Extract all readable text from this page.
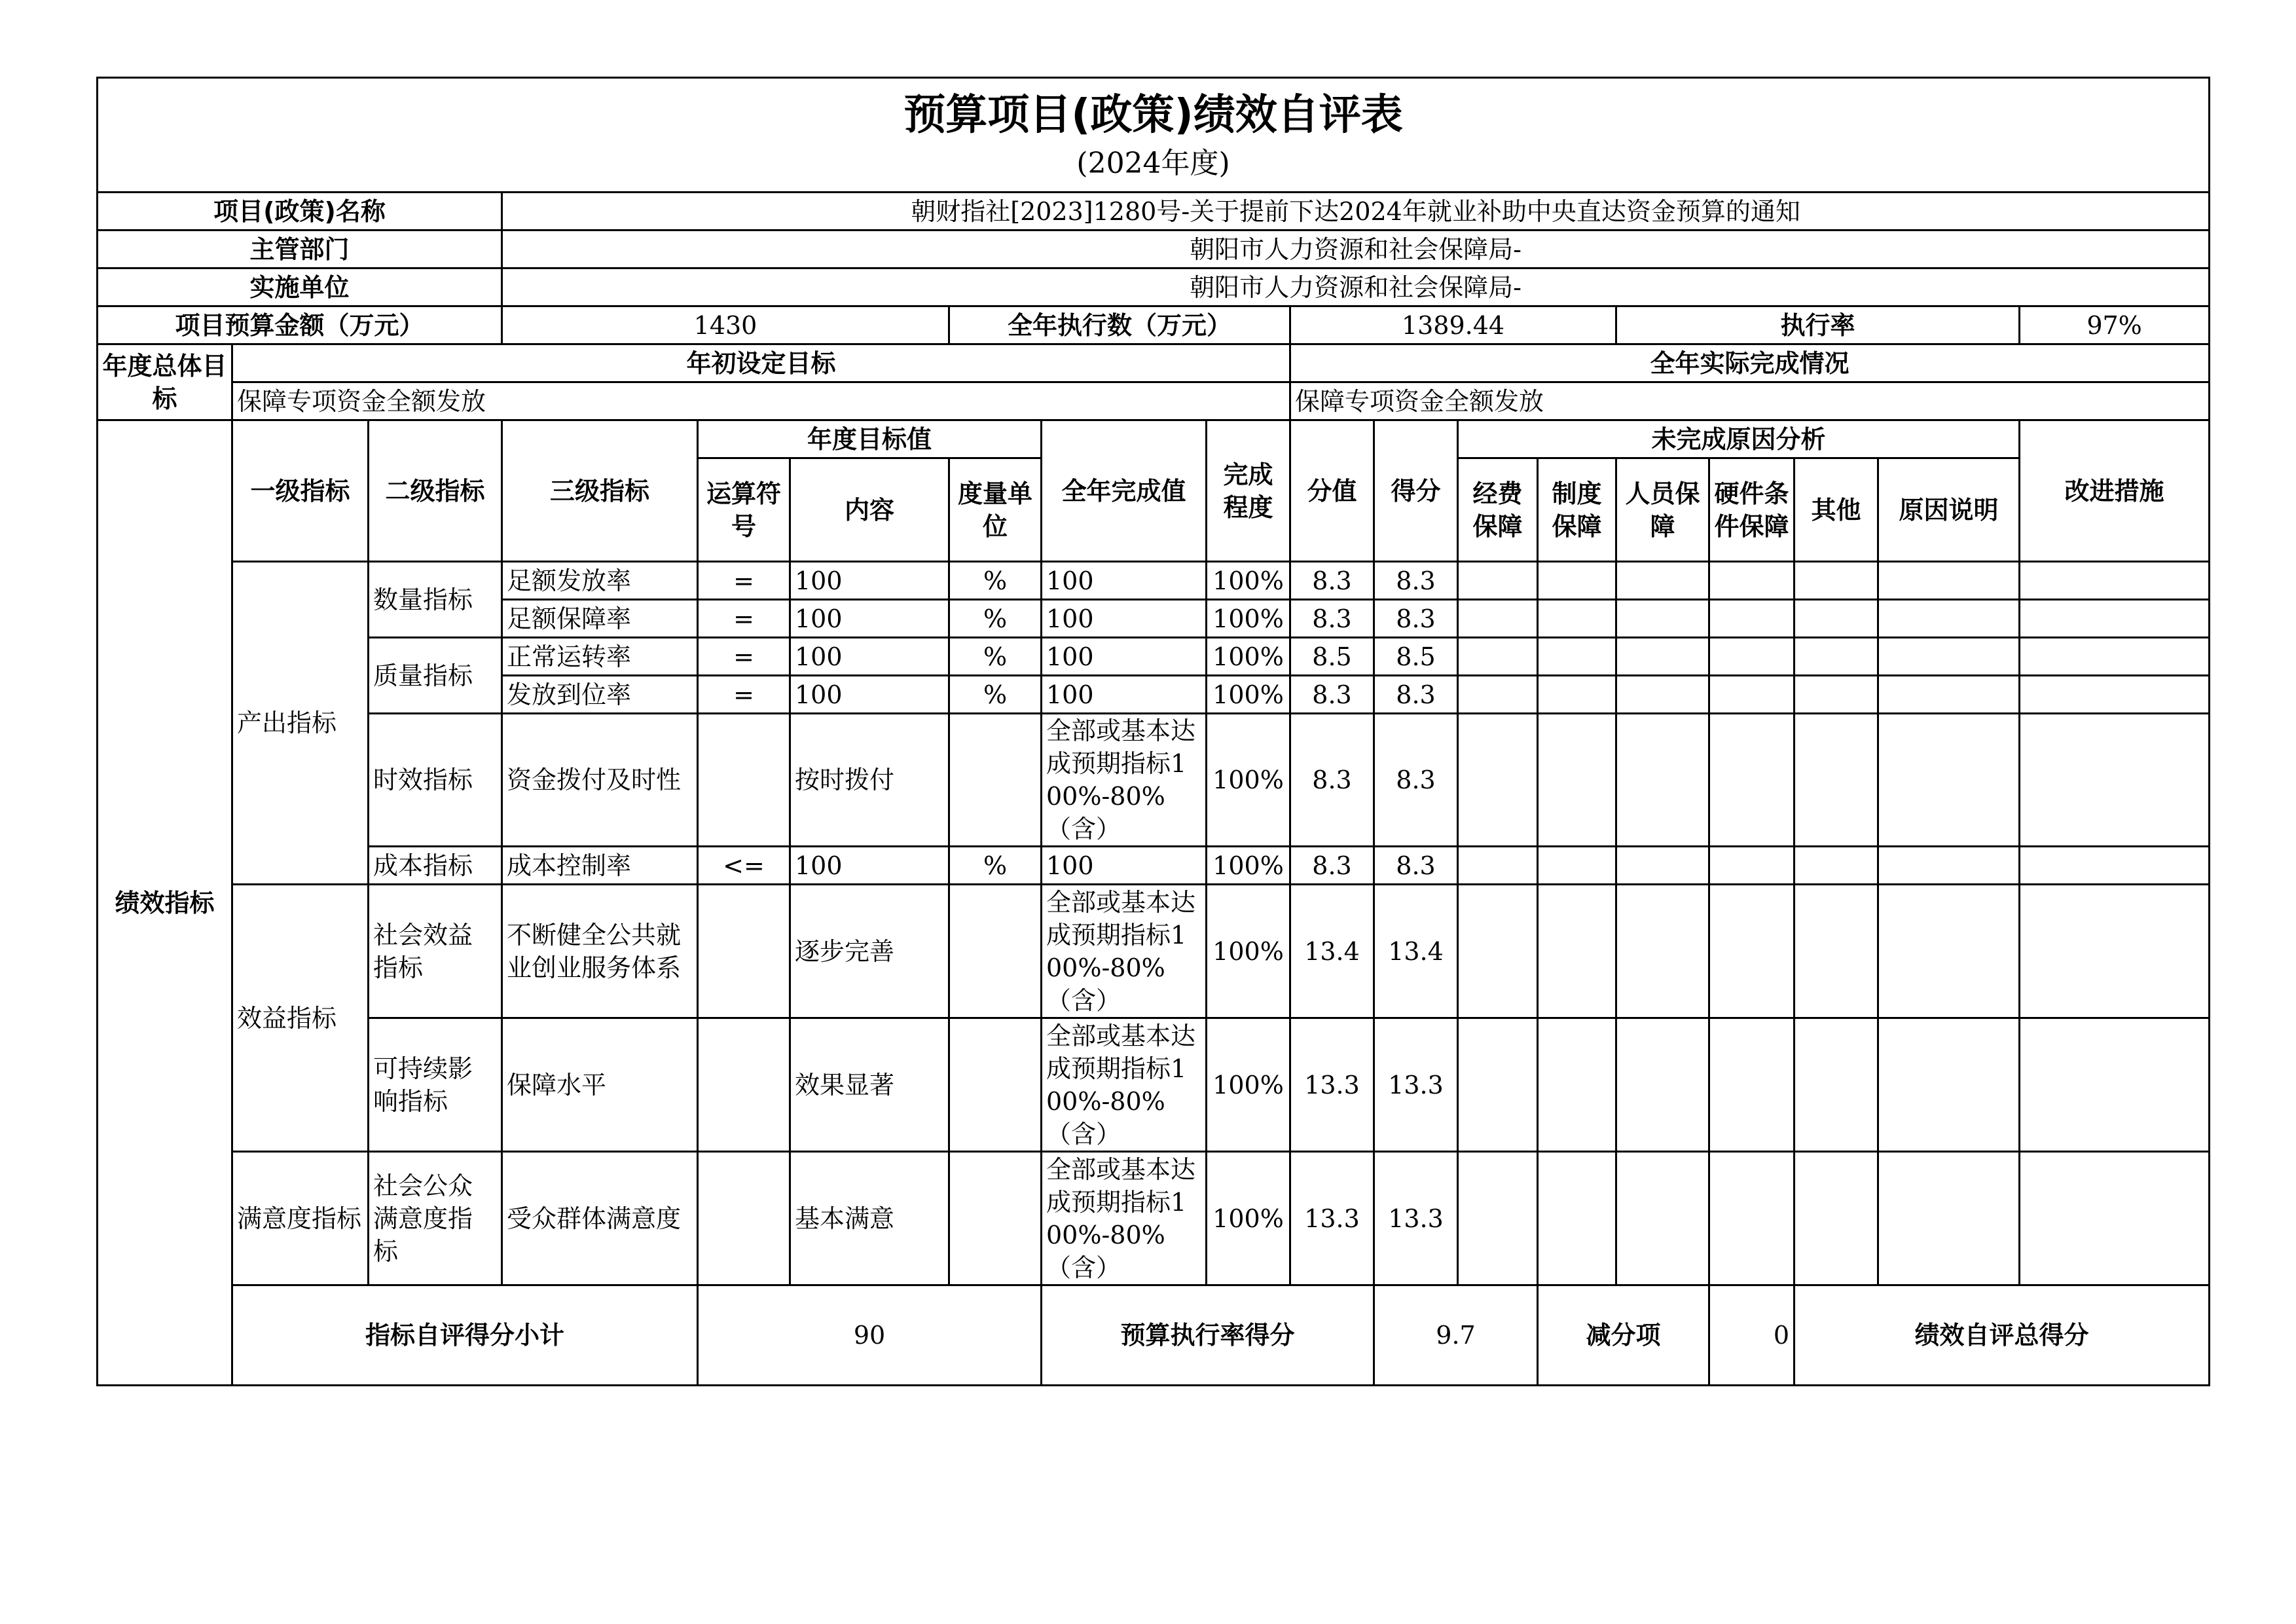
预算项目(政策)绩效自评表
(2024年度)																		

项目(政策)名称			朝财指社[2023]1280号-关于提前下达2024年就业补助中央直达资金预算的通知															
主管部门			朝阳市人力资源和社会保障局-															
实施单位			朝阳市人力资源和社会保障局-															
项目预算金额（万元）			1430			全年执行数（万元）			1389.44				执行率				97%	
年度总体目标	年初设定目标								全年实际完成情况									
	保障专项资金全额发放								保障专项资金全额发放									
绩效指标	一级指标	二级指标	三级指标	年度目标值			全年完成值	完成程度	分值	得分	未完成原因分析						改进措施	
				运算符号	内容	度量单位					经费保障	制度保障	人员保障	硬件条件保障	其他	原因说明		
	产出指标	数量指标	足额发放率	=	100	%	100	100%	8.3	8.3								
			足额保障率	=	100	%	100	100%	8.3	8.3								
		质量指标	正常运转率	=	100	%	100	100%	8.5	8.5								
			发放到位率	=	100	%	100	100%	8.3	8.3								
		时效指标	资金拨付及时性		按时拨付		全部或基本达成预期指标100%-80%（含）	100%	8.3	8.3								
		成本指标	成本控制率	<=	100	%	100	100%	8.3	8.3								
	效益指标	社会效益指标	不断健全公共就业创业服务体系		逐步完善		全部或基本达成预期指标100%-80%（含）	100%	13.4	13.4								
		可持续影响指标	保障水平		效果显著		全部或基本达成预期指标100%-80%（含）	100%	13.3	13.3								
	满意度指标	社会公众满意度指标	受众群体满意度		基本满意		全部或基本达成预期指标100%-80%（含）	100%	13.3	13.3								
	指标自评得分小计			90			预算执行率得分			9.7		减分项		0	绩效自评总得分	
